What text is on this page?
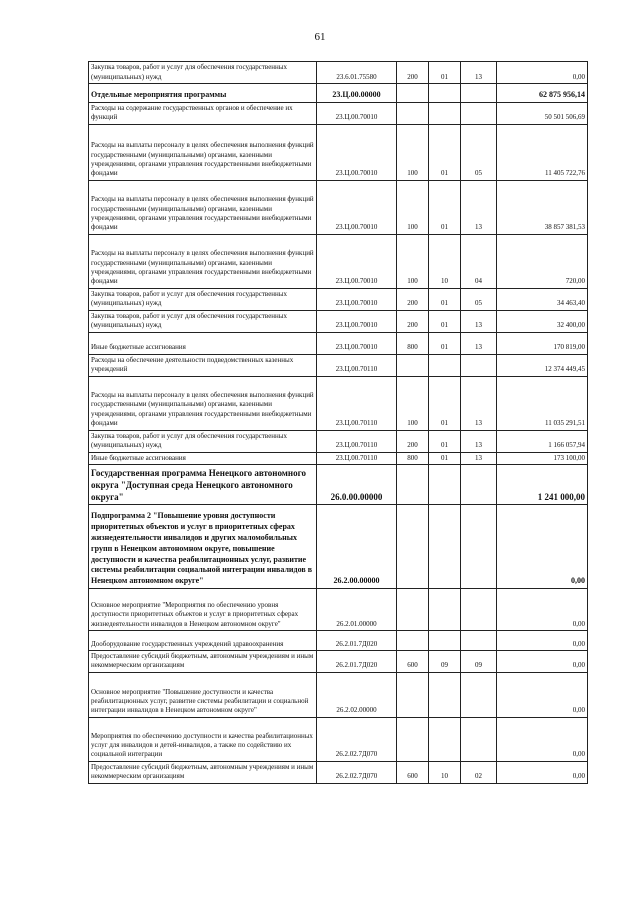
61
Закупка товаров, работ и услуг для обеспечения государственных (муниципальных) нужд	23.6.01.75580	200	01	13	0,00
Отдельные мероприятия программы	23.Ц.00.00000				62 875 956,14
Расходы на содержание государственных органов и обеспечение их функций	23.Ц.00.70010				50 501 506,69
Расходы на выплаты персоналу в целях обеспечения выполнения функций государственными (муниципальными) органами, казенными учреждениями, органами управления государственными внебюджетными фондами	23.Ц.00.70010	100	01	05	11 405 722,76
Расходы на выплаты персоналу в целях обеспечения выполнения функций государственными (муниципальными) органами, казенными учреждениями, органами управления государственными внебюджетными фондами	23.Ц.00.70010	100	01	13	38 857 381,53
Расходы на выплаты персоналу в целях обеспечения выполнения функций государственными (муниципальными) органами, казенными учреждениями, органами управления государственными внебюджетными фондами	23.Ц.00.70010	100	10	04	720,00
Закупка товаров, работ и услуг для обеспечения государственных (муниципальных) нужд	23.Ц.00.70010	200	01	05	34 463,40
Закупка товаров, работ и услуг для обеспечения государственных (муниципальных) нужд	23.Ц.00.70010	200	01	13	32 400,00
Иные бюджетные ассигнования	23.Ц.00.70010	800	01	13	170 819,00
Расходы на обеспечение деятельности подведомственных казенных учреждений	23.Ц.00.70110				12 374 449,45
Расходы на выплаты персоналу в целях обеспечения выполнения функций государственными (муниципальными) органами, казенными учреждениями, органами управления государственными внебюджетными фондами	23.Ц.00.70110	100	01	13	11 035 291,51
Закупка товаров, работ и услуг для обеспечения государственных (муниципальных) нужд	23.Ц.00.70110	200	01	13	1 166 057,94
Иные бюджетные ассигнования	23.Ц.00.70110	800	01	13	173 100,00
Государственная программа Ненецкого автономного округа "Доступная среда Ненецкого автономного округа"	26.0.00.00000				1 241 000,00
Подпрограмма 2 "Повышение уровня доступности приоритетных объектов и услуг в приоритетных сферах жизнедеятельности инвалидов и других маломобильных групп в Ненецком автономном округе, повышение доступности и качества реабилитационных услуг, развитие системы реабилитации социальной интеграции инвалидов в Ненецком автономном округе"	26.2.00.00000				0,00
Основное мероприятие "Мероприятия по обеспечению уровня доступности приоритетных объектов и услуг в приоритетных сферах жизнедеятельности инвалидов в Ненецком автономном округе"	26.2.01.00000				0,00
Дооборудование государственных учреждений здравоохранения	26.2.01.7Д020				0,00
Предоставление субсидий бюджетным, автономным учреждениям и иным некоммерческим организациям	26.2.01.7Д020	600	09	09	0,00
Основное мероприятие "Повышение доступности и качества реабилитационных услуг, развитие системы реабилитации и социальной интеграции инвалидов в Ненецком автономном округе"	26.2.02.00000				0,00
Мероприятия по обеспечению доступности и качества реабилитационных услуг для инвалидов и детей-инвалидов, а также по содействию их социальной интеграции	26.2.02.7Д070				0,00
Предоставление субсидий бюджетным, автономным учреждениям и иным некоммерческим организациям	26.2.02.7Д070	600	10	02	0,00
